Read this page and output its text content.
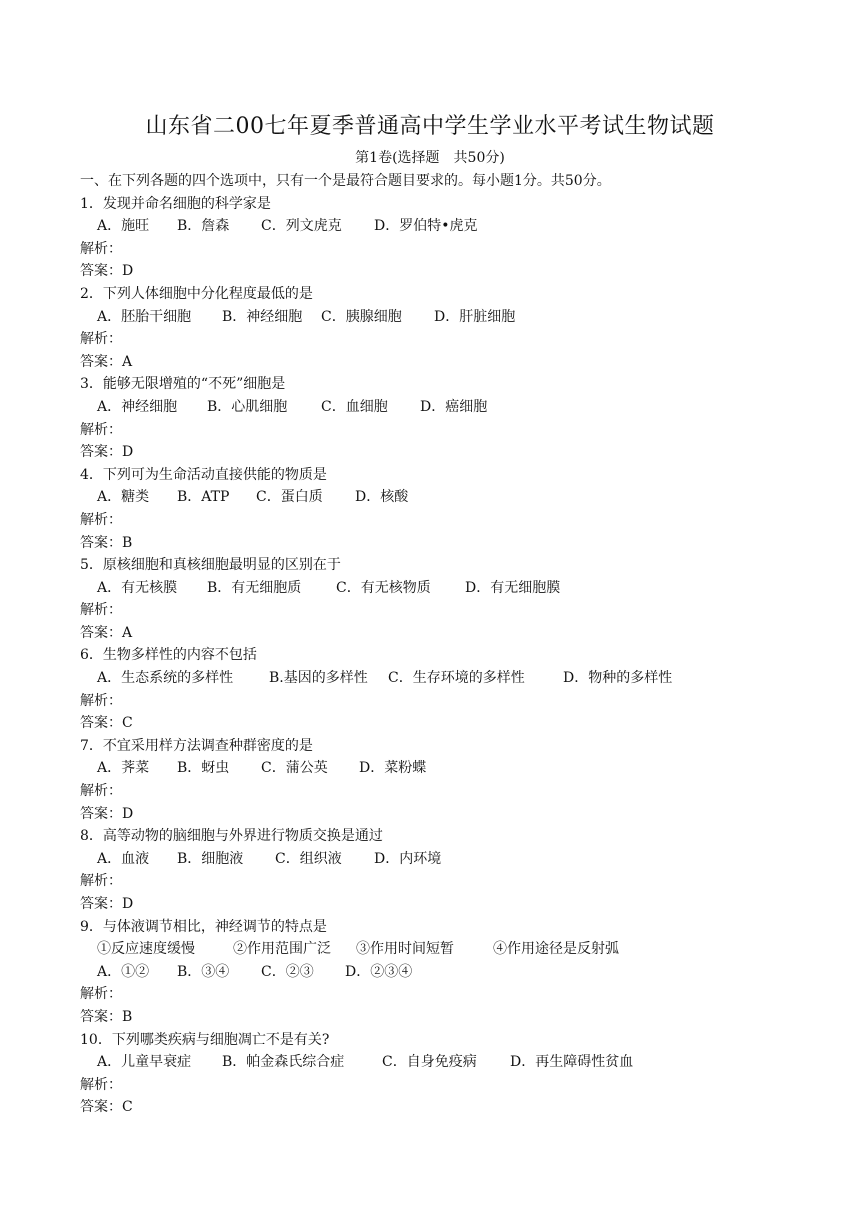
山东省二00七年夏季普通高中学生学业水平考试生物试题
第1卷(选择题　共50分)
一、在下列各题的四个选项中，只有一个是最符合题目要求的。每小题1分。共50分。
1．发现并命名细胞的科学家是
A．施旺 B．詹森 C．列文虎克 D．罗伯特•虎克
解析：
答案：D
2．下列人体细胞中分化程度最低的是
A．胚胎干细胞 B．神经细胞 C．胰腺细胞 D．肝脏细胞
解析：
答案：A
3．能够无限增殖的“不死”细胞是
A．神经细胞 B．心肌细胞 C．血细胞 D．癌细胞
解析：
答案：D
4．下列可为生命活动直接供能的物质是
A．糖类 B．ATP C．蛋白质 D．核酸
解析：
答案：B
5．原核细胞和真核细胞最明显的区别在于
A．有无核膜 B．有无细胞质 C．有无核物质 D．有无细胞膜
解析：
答案：A
6．生物多样性的内容不包括
A．生态系统的多样性	B.基因的多样性 C．生存环境的多样性	D．物种的多样性
解析：
答案：C
7．不宜采用样方法调查种群密度的是
A．荠菜 B．蚜虫 C．蒲公英 D．菜粉蝶
解析：
答案：D
8．高等动物的脑细胞与外界进行物质交换是通过
A．血液 B．细胞液 C．组织液 D．内环境
解析：
答案：D
9．与体液调节相比，神经调节的特点是
①反应速度缓慢	②作用范围广泛 ③作用时间短暂	④作用途径是反射弧
A．①② B．③④ C．②③ D．②③④
解析：
答案：B
10．下列哪类疾病与细胞凋亡不是有关?
A．儿童早衰症 B．帕金森氏综合症	C．自身免疫病 D．再生障碍性贫血
解析：
答案：C
